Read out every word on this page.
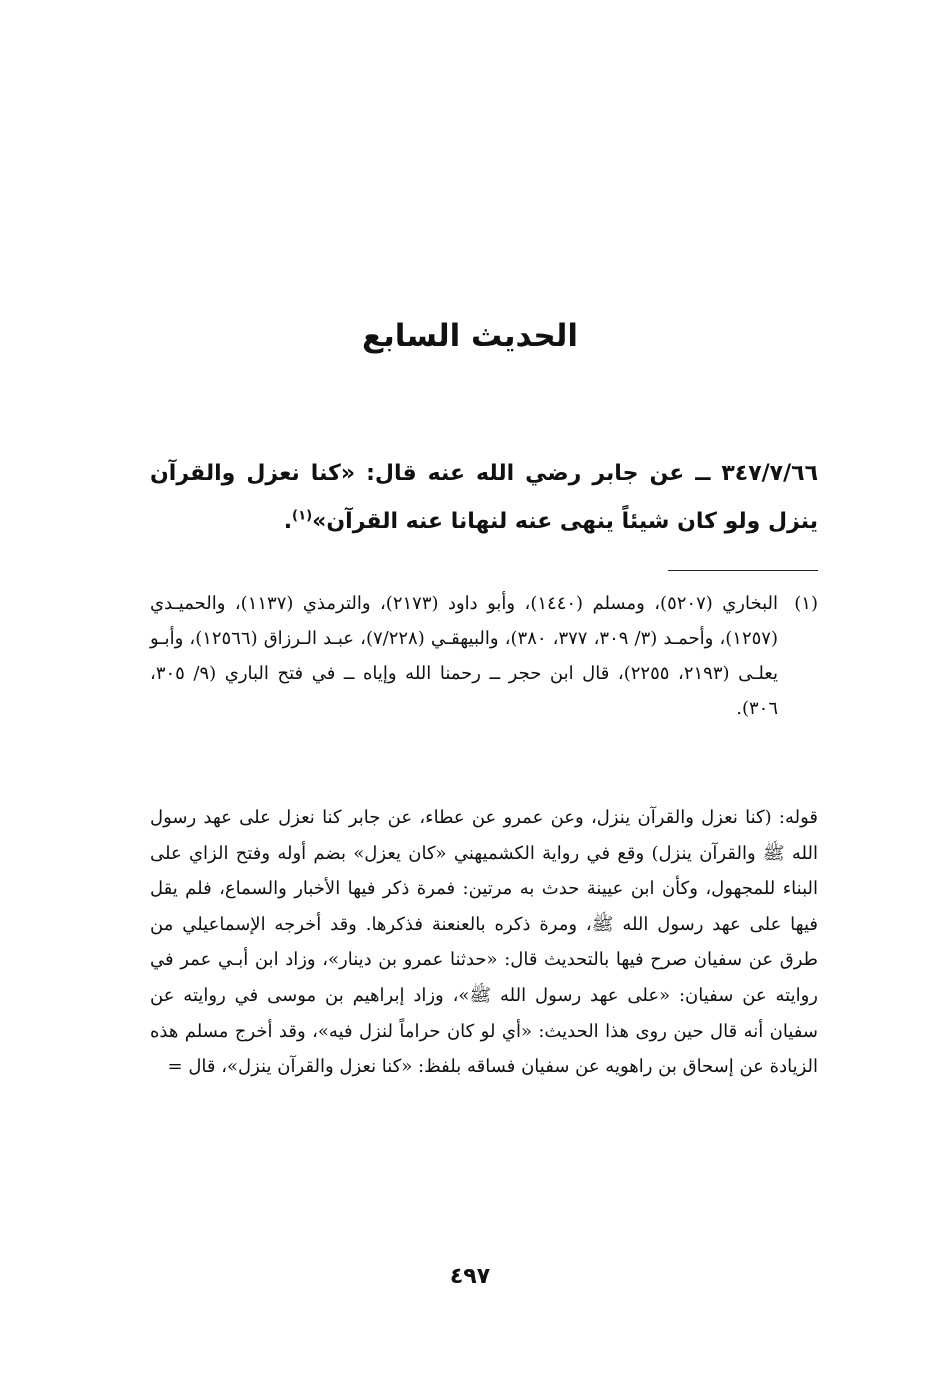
الحديث السابع

٣٤٧/٧/٦٦ ــ عن جابر رضي الله عنه قال: «كنا نعزل والقرآن ينزل ولو كان شيئاً ينهى عنه لنهانا عنه القرآن»$^{(١)}$.

(١)

البخاري (٥٢٠٧)، ومسلم (١٤٤٠)، وأبو داود (٢١٧٣)، والترمذي (١١٣٧)، والحميـدي (١٢٥٧)، وأحمـد (٣/ ٣٠٩، ٣٧٧، ٣٨٠)، والبيهقـي (٧/٢٢٨)، عبـد الـرزاق (١٢٥٦٦)، وأبـو يعلـى (٢١٩٣، ٢٢٥٥)، قال ابن حجر ــ رحمنا الله وإياه ــ في فتح الباري (٩/ ٣٠٥، ٣٠٦).

قوله: (كنا نعزل والقرآن ينزل، وعن عمرو عن عطاء، عن جابر كنا نعزل على عهد رسول الله ﷺ والقرآن ينزل) وقع في رواية الكشميهني «كان يعزل» بضم أوله وفتح الزاي على البناء للمجهول، وكأن ابن عيينة حدث به مرتين: فمرة ذكر فيها الأخبار والسماع، فلم يقل فيها على عهد رسول الله ﷺ، ومرة ذكره بالعنعنة فذكرها. وقد أخرجه الإسماعيلي من طرق عن سفيان صرح فيها بالتحديث قال: «حدثنا عمرو بن دينار»، وزاد ابن أبـي عمر في روايته عن سفيان: «على عهد رسول الله ﷺ»، وزاد إبراهيم بن موسى في روايته عن سفيان أنه قال حين روى هذا الحديث: «أي لو كان حراماً لنزل فيه»، وقد أخرج مسلم هذه الزيادة عن إسحاق بن راهويه عن سفيان فساقه بلفظ: «كنا نعزل والقرآن ينزل»، قال =

٤٩٧
